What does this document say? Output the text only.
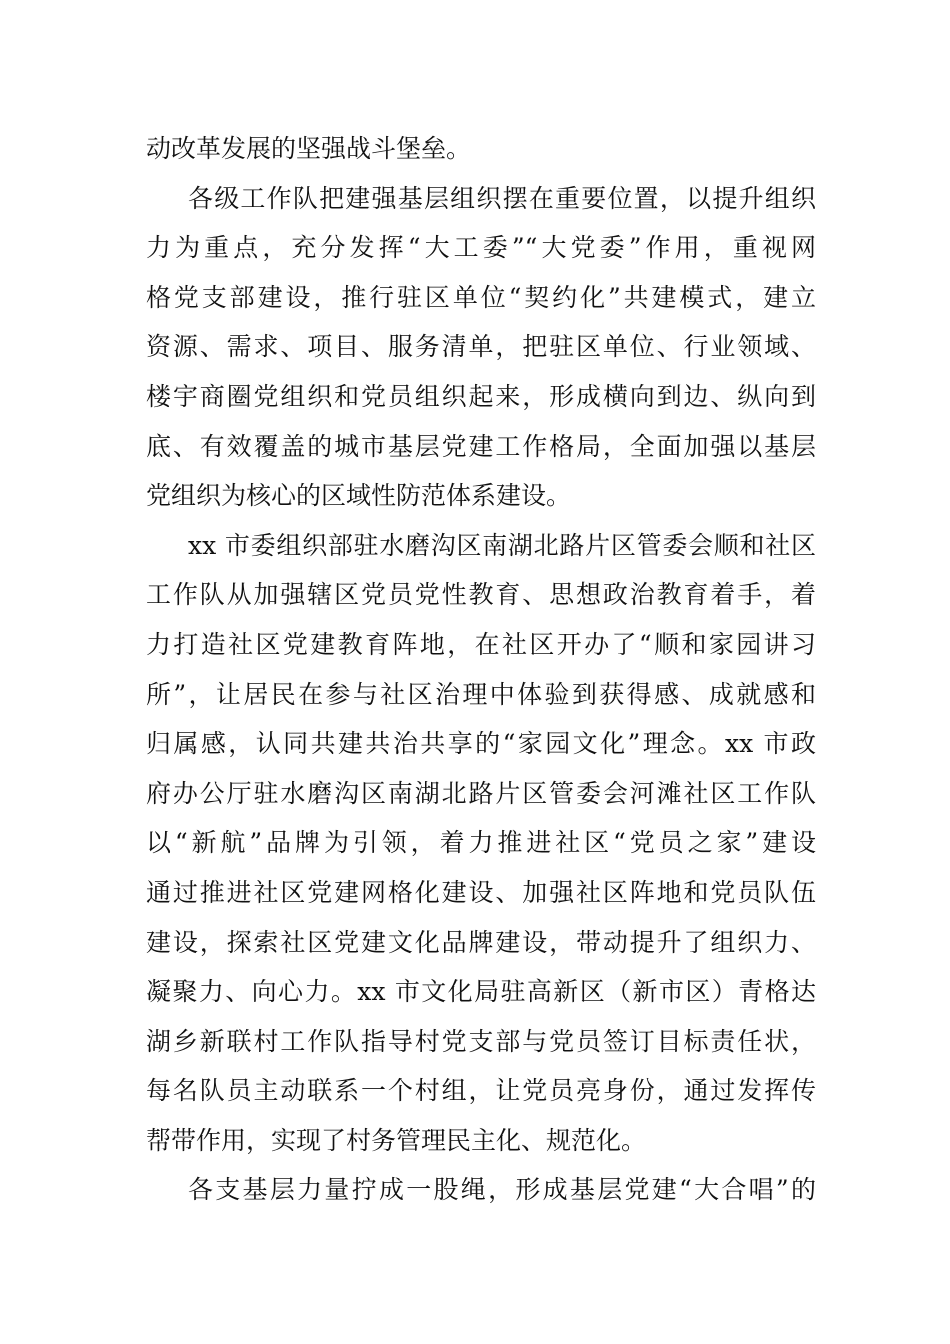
动改革发展的坚强战斗堡垒。
各级工作队把建强基层组织摆在重要位置，以提升组织
力为重点，充分发挥“大工委”“大党委”作用，重视网
格党支部建设，推行驻区单位“契约化”共建模式，建立
资源、需求、项目、服务清单，把驻区单位、行业领域、
楼宇商圈党组织和党员组织起来，形成横向到边、纵向到
底、有效覆盖的城市基层党建工作格局，全面加强以基层
党组织为核心的区域性防范体系建设。
xx 市委组织部驻水磨沟区南湖北路片区管委会顺和社区
工作队从加强辖区党员党性教育、思想政治教育着手，着
力打造社区党建教育阵地，在社区开办了“顺和家园讲习
所”，让居民在参与社区治理中体验到获得感、成就感和
归属感，认同共建共治共享的“家园文化”理念。xx 市政
府办公厅驻水磨沟区南湖北路片区管委会河滩社区工作队
以“新航”品牌为引领，着力推进社区“党员之家”建设
通过推进社区党建网格化建设、加强社区阵地和党员队伍
建设，探索社区党建文化品牌建设，带动提升了组织力、
凝聚力、向心力。xx 市文化局驻高新区（新市区）青格达
湖乡新联村工作队指导村党支部与党员签订目标责任状，
每名队员主动联系一个村组，让党员亮身份，通过发挥传
帮带作用，实现了村务管理民主化、规范化。
各支基层力量拧成一股绳，形成基层党建“大合唱”的
